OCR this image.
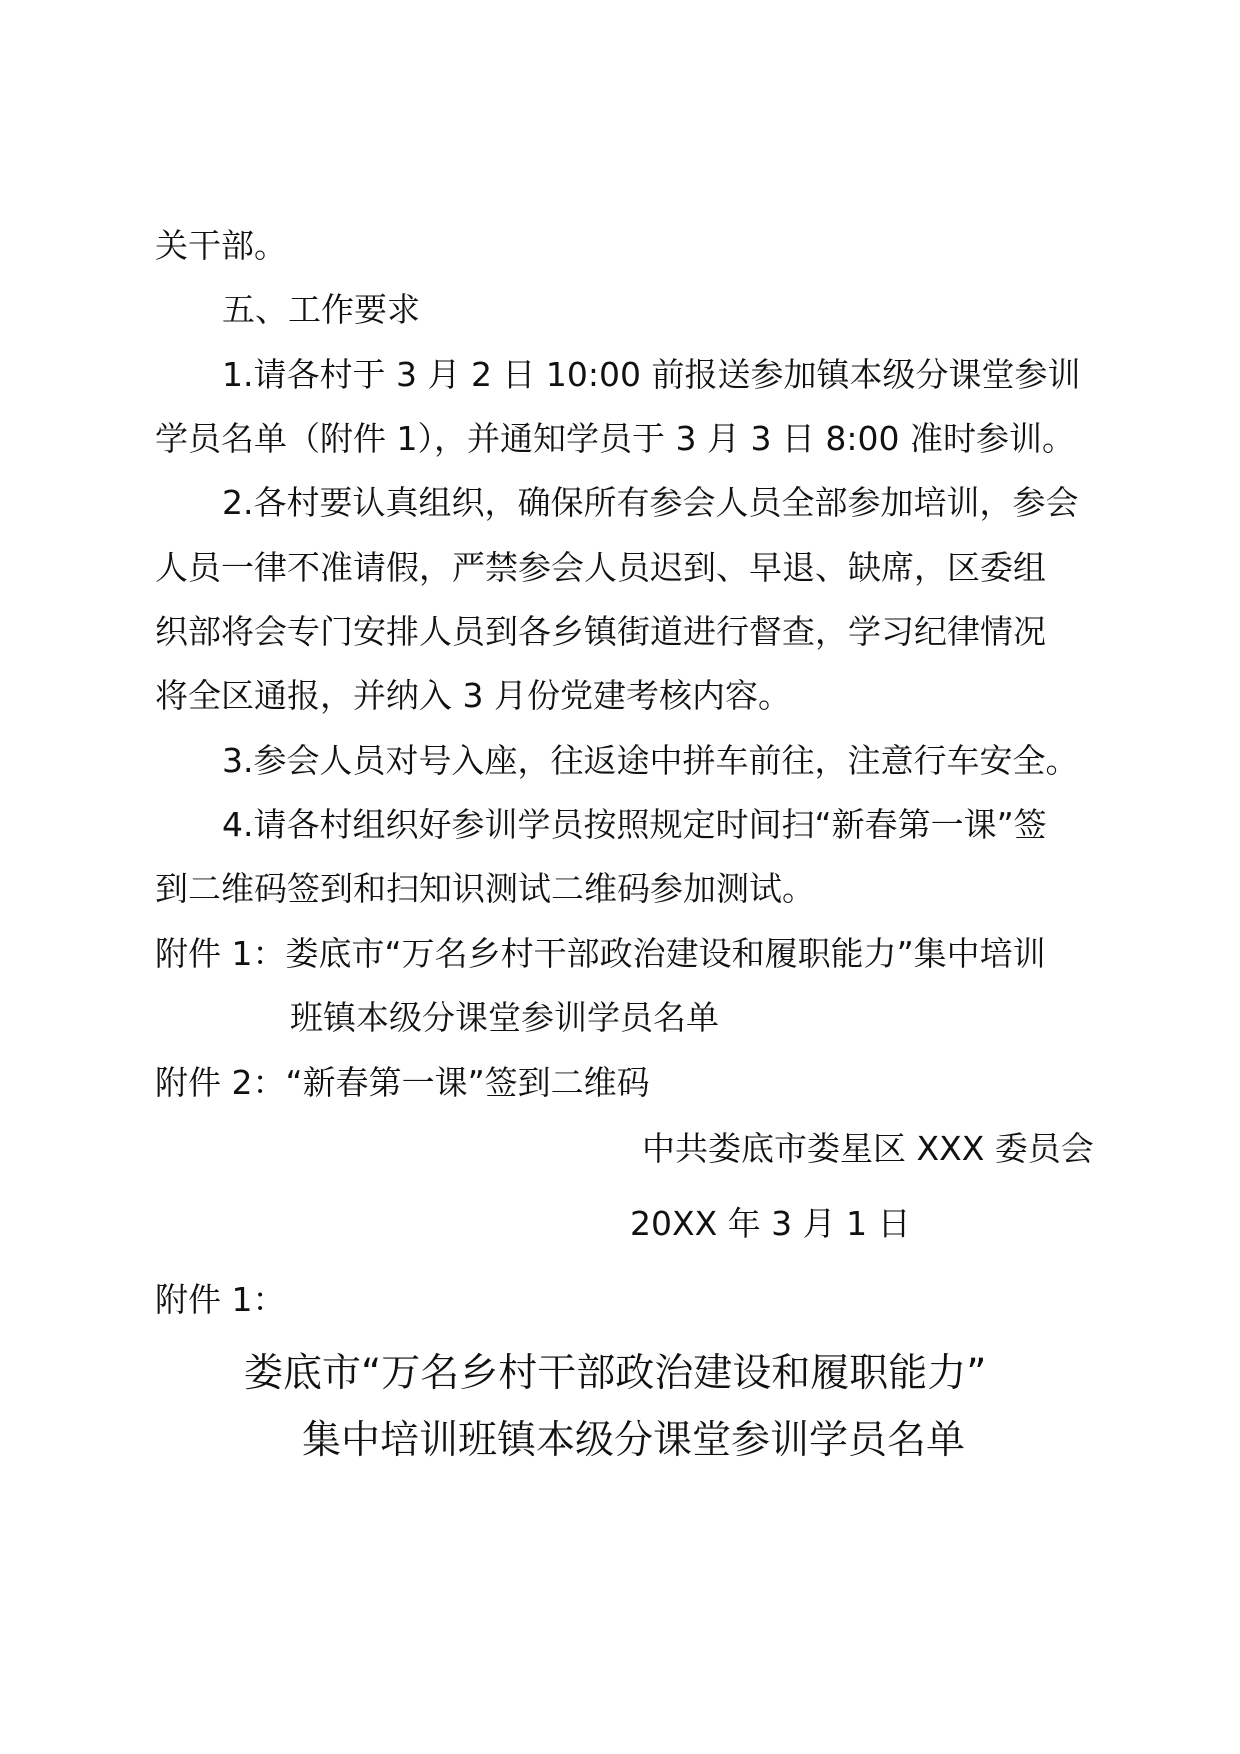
关干部。
五、工作要求
1.请各村于 3 月 2 日 10:00 前报送参加镇本级分课堂参训
学员名单（附件 1），并通知学员于 3 月 3 日 8:00 准时参训。
2.各村要认真组织，确保所有参会人员全部参加培训，参会
人员一律不准请假，严禁参会人员迟到、早退、缺席，区委组
织部将会专门安排人员到各乡镇街道进行督查，学习纪律情况
将全区通报，并纳入 3 月份党建考核内容。
3.参会人员对号入座，往返途中拼车前往，注意行车安全。
4.请各村组织好参训学员按照规定时间扫“新春第一课”签
到二维码签到和扫知识测试二维码参加测试。
附件 1：娄底市“万名乡村干部政治建设和履职能力”集中培训
班镇本级分课堂参训学员名单
附件 2：“新春第一课”签到二维码
中共娄底市娄星区 XXX 委员会
20XX 年 3 月 1 日
附件 1：
娄底市“万名乡村干部政治建设和履职能力”
集中培训班镇本级分课堂参训学员名单
